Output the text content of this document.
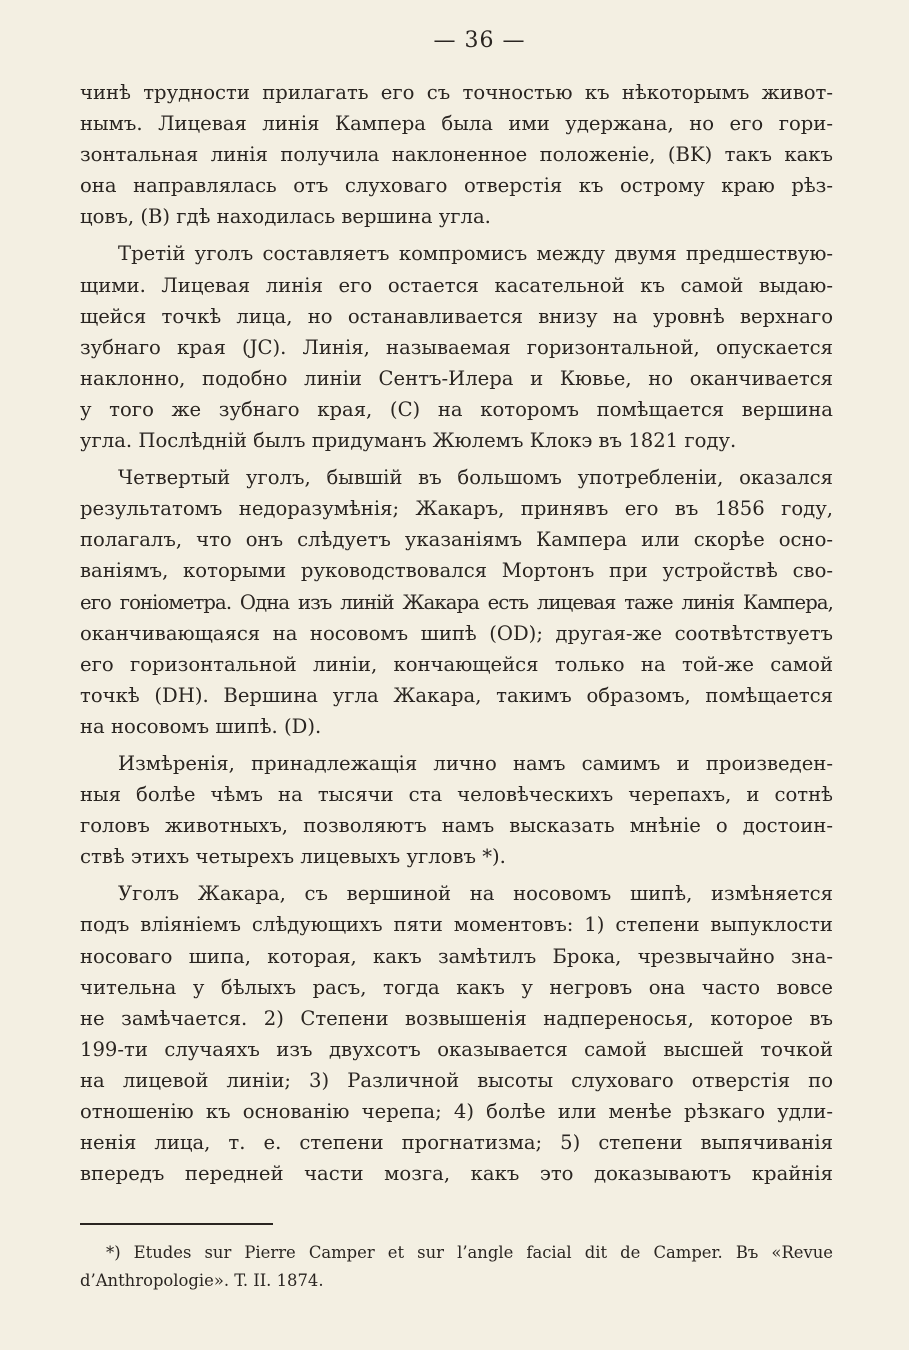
— 36 —
чинѣ трудности прилагать его съ точностью къ нѣкоторымъ живот-
нымъ. Лицевая линія Кампера была ими удержана, но его гори-
зонтальная линія получила наклоненное положеніе, (BK) такъ какъ
она направлялась отъ слуховаго отверстія къ острому краю рѣз-
цовъ, (B) гдѣ находилась вершина угла.
Третій уголъ составляетъ компромисъ между двумя предшествую-
щими. Лицевая линія его остается касательной къ самой выдаю-
щейся точкѣ лица, но останавливается внизу на уровнѣ верхнаго
зубнаго края (JC). Линія, называемая горизонтальной, опускается
наклонно, подобно линіи Сентъ-Илера и Кювье, но оканчивается
у того же зубнаго края, (C) на которомъ помѣщается вершина
угла. Послѣдній былъ придуманъ Жюлемъ Клокэ въ 1821 году.
Четвертый уголъ, бывшій въ большомъ употребленіи, оказался
результатомъ недоразумѣнія; Жакаръ, принявъ его въ 1856 году,
полагалъ, что онъ слѣдуетъ указаніямъ Кампера или скорѣе осно-
ваніямъ, которыми руководствовался Мортонъ при устройствѣ сво-
его гоніометра. Одна изъ линій Жакара есть лицевая таже линія Кампера,
оканчивающаяся на носовомъ шипѣ (OD); другая-же соотвѣтствуетъ
его горизонтальной линіи, кончающейся только на той-же самой
точкѣ (DH). Вершина угла Жакара, такимъ образомъ, помѣщается
на носовомъ шипѣ. (D).
Измѣренія, принадлежащія лично намъ самимъ и произведен-
ныя болѣе чѣмъ на тысячи ста человѣческихъ черепахъ, и сотнѣ
головъ животныхъ, позволяютъ намъ высказать мнѣніе о достоин-
ствѣ этихъ четырехъ лицевыхъ угловъ *).
Уголъ Жакара, съ вершиной на носовомъ шипѣ, измѣняется
подъ вліяніемъ слѣдующихъ пяти моментовъ: 1) степени выпуклости
носоваго шипа, которая, какъ замѣтилъ Брока, чрезвычайно зна-
чительна у бѣлыхъ расъ, тогда какъ у негровъ она часто вовсе
не замѣчается. 2) Степени возвышенія надпереносья, которое въ
199-ти случаяхъ изъ двухсотъ оказывается самой высшей точкой
на лицевой линіи; 3) Различной высоты слуховаго отверстія по
отношенію къ основанію черепа; 4) болѣе или менѣе рѣзкаго удли-
ненія лица, т. е. степени прогнатизма; 5) степени выпячиванія
впередъ передней части мозга, какъ это доказываютъ крайнія
*) Etudes sur Pierre Camper et sur l’angle facial dit de Camper. Въ «Revue
d’Anthropologie». T. II. 1874.
